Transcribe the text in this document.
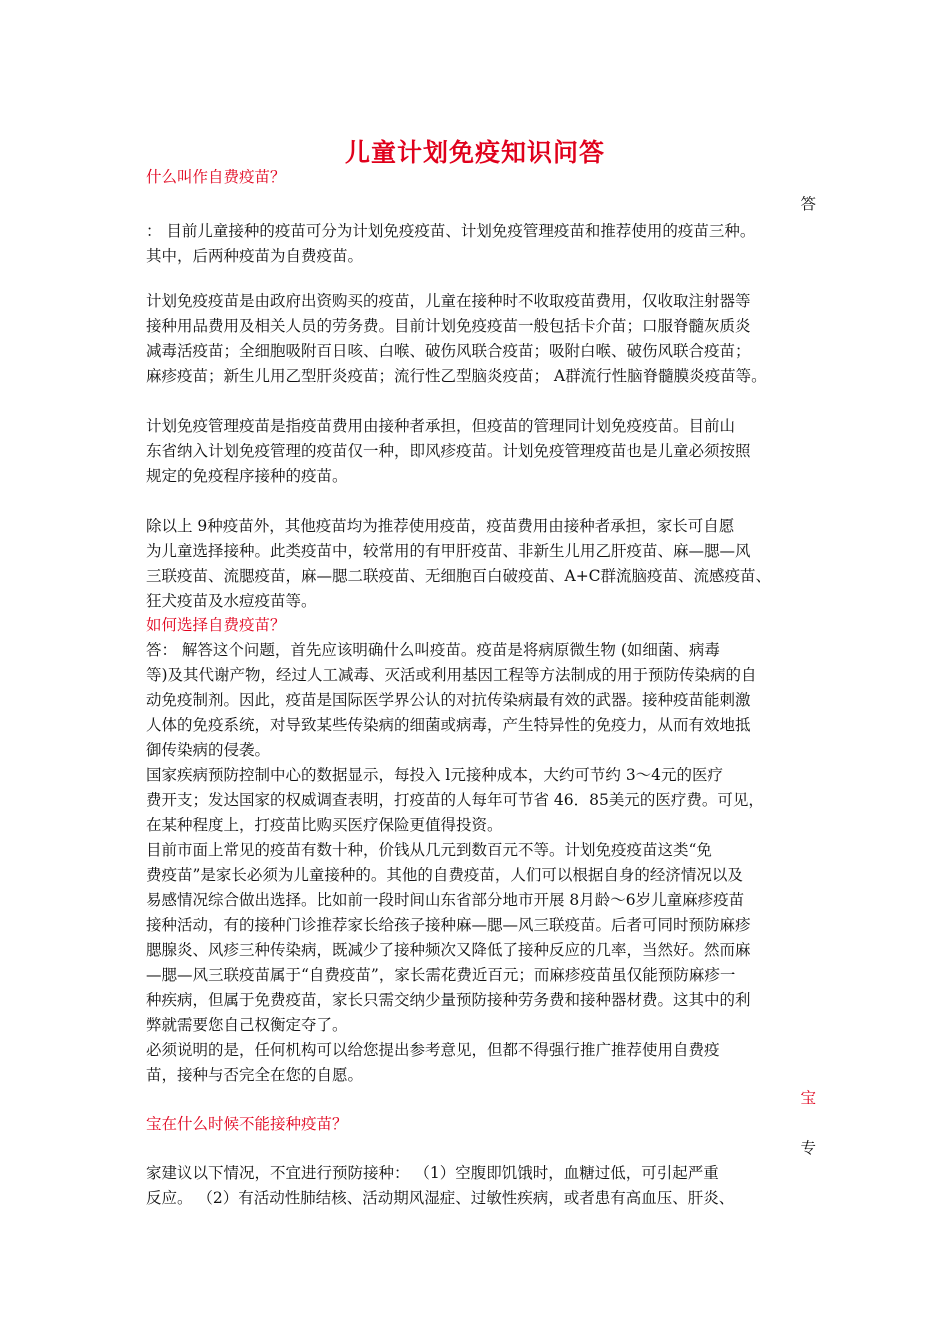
儿童计划免疫知识问答
什么叫作自费疫苗？
答
： 目前儿童接种的疫苗可分为计划免疫疫苗、计划免疫管理疫苗和推荐使用的疫苗三种。
其中，后两种疫苗为自费疫苗。
计划免疫疫苗是由政府出资购买的疫苗，儿童在接种时不收取疫苗费用，仅收取注射器等
接种用品费用及相关人员的劳务费。目前计划免疫疫苗一般包括卡介苗；口服脊髓灰质炎
减毒活疫苗；全细胞吸附百日咳、白喉、破伤风联合疫苗；吸附白喉、破伤风联合疫苗；
麻疹疫苗；新生儿用乙型肝炎疫苗；流行性乙型脑炎疫苗； A群流行性脑脊髓膜炎疫苗等。
计划免疫管理疫苗是指疫苗费用由接种者承担，但疫苗的管理同计划免疫疫苗。目前山
东省纳入计划免疫管理的疫苗仅一种，即风疹疫苗。计划免疫管理疫苗也是儿童必须按照
规定的免疫程序接种的疫苗。
除以上 9种疫苗外，其他疫苗均为推荐使用疫苗，疫苗费用由接种者承担，家长可自愿
为儿童选择接种。此类疫苗中，较常用的有甲肝疫苗、非新生儿用乙肝疫苗、麻—腮—风
三联疫苗、流腮疫苗，麻—腮二联疫苗、无细胞百白破疫苗、A+C群流脑疫苗、流感疫苗、
狂犬疫苗及水痘疫苗等。
如何选择自费疫苗？
答： 解答这个问题，首先应该明确什么叫疫苗。疫苗是将病原微生物 (如细菌、病毒
等)及其代谢产物，经过人工减毒、灭活或利用基因工程等方法制成的用于预防传染病的自
动免疫制剂。因此，疫苗是国际医学界公认的对抗传染病最有效的武器。接种疫苗能刺激
人体的免疫系统，对导致某些传染病的细菌或病毒，产生特异性的免疫力，从而有效地抵
御传染病的侵袭。
国家疾病预防控制中心的数据显示，每投入 l元接种成本，大约可节约 3～4元的医疗
费开支；发达国家的权威调查表明，打疫苗的人每年可节省 46．85美元的医疗费。可见，
在某种程度上，打疫苗比购买医疗保险更值得投资。
目前市面上常见的疫苗有数十种，价钱从几元到数百元不等。计划免疫疫苗这类“免
费疫苗”是家长必须为儿童接种的。其他的自费疫苗，人们可以根据自身的经济情况以及
易感情况综合做出选择。比如前一段时间山东省部分地市开展 8月龄～6岁儿童麻疹疫苗
接种活动，有的接种门诊推荐家长给孩子接种麻—腮—风三联疫苗。后者可同时预防麻疹
腮腺炎、风疹三种传染病，既减少了接种频次又降低了接种反应的几率，当然好。然而麻
—腮—风三联疫苗属于“自费疫苗”，家长需花费近百元；而麻疹疫苗虽仅能预防麻疹一
种疾病，但属于免费疫苗，家长只需交纳少量预防接种劳务费和接种器材费。这其中的利
弊就需要您自己权衡定夺了。
必须说明的是，任何机构可以给您提出参考意见，但都不得强行推广推荐使用自费疫
苗，接种与否完全在您的自愿。
宝
宝在什么时候不能接种疫苗？
专
家建议以下情况，不宜进行预防接种： （1）空腹即饥饿时，血糖过低，可引起严重
反应。 （2）有活动性肺结核、活动期风湿症、过敏性疾病，或者患有高血压、肝炎、
